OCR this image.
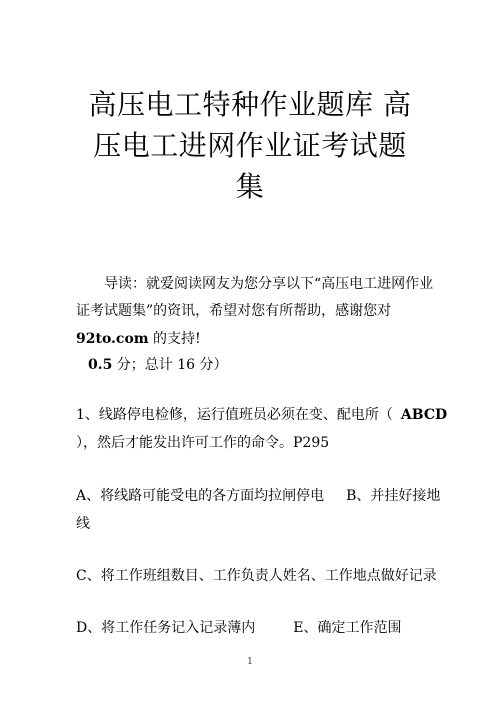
高压电工特种作业题库 高
压电工进网作业证考试题
集
导读：就爱阅读网友为您分享以下“高压电工进网作业
证考试题集”的资讯，希望对您有所帮助，感谢您对
92to.com 的支持!
0.5 分；总计 16 分）
1、线路停电检修，运行值班员必须在变、配电所（ ABCD
），然后才能发出许可工作的命令。P295
A、将线路可能受电的各方面均拉闸停电 B、并挂好接地
线
C、将工作班组数目、工作负责人姓名、工作地点做好记录
D、将工作任务记入记录薄内	E、确定工作范围
1
